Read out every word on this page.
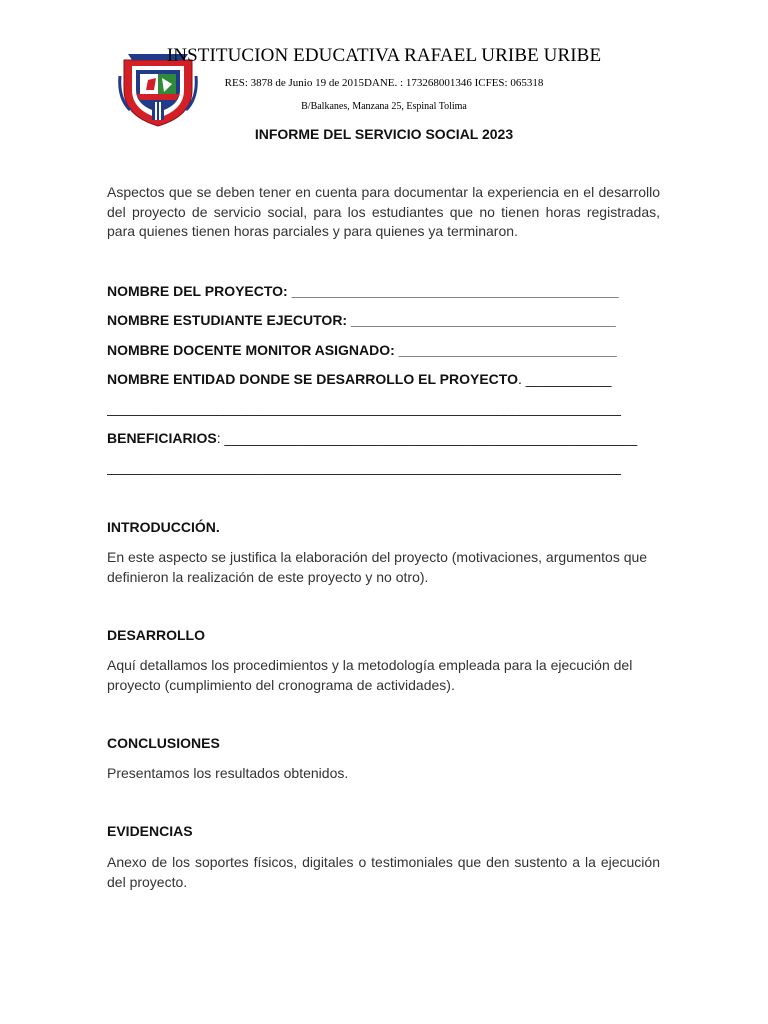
INSTITUCION EDUCATIVA RAFAEL URIBE URIBE
RES: 3878 de Junio 19 de 2015DANE. : 173268001346 ICFES: 065318
B/Balkanes, Manzana 25, Espinal Tolima
INFORME DEL SERVICIO SOCIAL 2023
Aspectos que se deben tener en cuenta para documentar la experiencia en el desarrollo del proyecto de servicio social, para los estudiantes que no tienen horas registradas, para quienes tienen horas parciales y para quienes ya terminaron.
NOMBRE DEL PROYECTO: __________________________________________
NOMBRE ESTUDIANTE EJECUTOR: __________________________________
NOMBRE DOCENTE MONITOR ASIGNADO: ____________________________
NOMBRE ENTIDAD DONDE SE DESARROLLO EL PROYECTO. ___________
__________________________________________________________________
BENEFICIARIOS: _____________________________________________________
__________________________________________________________________
INTRODUCCIÓN.
En este aspecto se justifica la elaboración del proyecto (motivaciones, argumentos que definieron la realización de este proyecto y no otro).
DESARROLLO
Aquí detallamos los procedimientos y la metodología empleada para la ejecución del proyecto (cumplimiento del cronograma de actividades).
CONCLUSIONES
Presentamos los resultados obtenidos.
EVIDENCIAS
Anexo de los soportes físicos, digitales o testimoniales que den sustento a la ejecución del proyecto.
